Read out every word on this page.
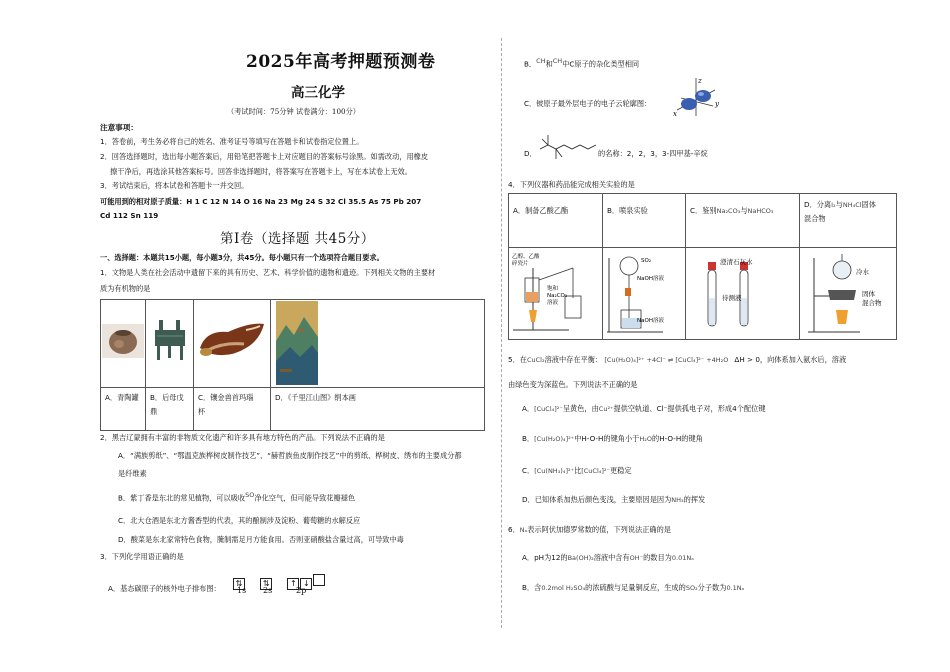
2025年高考押题预测卷
高三化学
（考试时间：75分钟 试卷满分：100分）
注意事项：
1．答卷前，考生务必将自己的姓名、准考证号等填写在答题卡和试卷指定位置上。
2．回答选择题时，选出每小题答案后，用铅笔把答题卡上对应题目的答案标号涂黑。如需改动，用橡皮
擦干净后，再选涂其他答案标号。回答非选择题时，将答案写在答题卡上，写在本试卷上无效。
3．考试结束后，将本试卷和答题卡一并交回。
可能用到的相对原子质量：H 1 C 12 N 14 O 16 Na 23 Mg 24 S 32 Cl 35.5 As 75 Pb 207
Cd 112 Sn 119
第Ⅰ卷（选择题 共45分）
一、选择题：本题共15小题，每小题3分，共45分。每小题只有一个选项符合题目要求。
1．文物是人类在社会活动中遗留下来的具有历史、艺术、科学价值的遗物和遗迹。下列相关文物的主要材
质为有机物的是

A．青陶罐	B．后母戊
鼎	C．镶金兽首玛瑙
杯	D．《千里江山图》绢本画
2．黑吉辽蒙拥有丰富的非物质文化遗产和许多具有地方特色的产品。下列说法不正确的是
A．“满族剪纸”、“鄂温克族桦树皮制作技艺”、“赫哲族鱼皮制作技艺”中的剪纸、桦树皮、绣布的主要成分都
是纤维素
B．紫丁香是东北的常见植物，可以吸收SO净化空气，但可能导致花瓣褪色
C．北大仓酒是东北方酱香型的代表，其的酿制涉及淀粉、葡萄糖的水解反应
D．酸菜是东北家常特色食物，腌制需足月方能食用。否则亚硝酸盐含量过高，可导致中毒
3．下列化学用语正确的是
A．基态碳原子的核外电子排布图：
⇅	⇅	↑ ↓
1s 2s	2p
B．CH和CH中C原子的杂化类型相同
C．铍原子最外层电子的电子云轮廓图：
z
y
x
D．	的名称：2，2，3，3-四甲基-辛烷
4．下列仪器和药品能完成相关实验的是
A．制备乙酸乙酯	B．喷泉实验	C．鉴别Na₂CO₃与NaHCO₃	D．分离I₂与NH₄Cl固体
混合物

乙醇、乙酸
碎瓷片
饱和
Na₂CO₃
溶液	SO₂
NaOH溶液
NaOH溶液	澄清石灰水
待测液	冷水
固体
混合物
5．在CuCl₂溶液中存在平衡： [Cu(H₂O)₄]²⁺ +4Cl⁻ ⇌ [CuCl₄]²⁻ +4H₂O ΔH > 0，向体系加入氨水后，溶液
由绿色变为深蓝色。下列说法不正确的是
A．[CuCl₄]²⁻呈黄色，由Cu²⁺提供空轨道、Cl⁻提供孤电子对，形成4个配位键
B．[Cu(H₂O)₄]²⁺中H-O-H的键角小于H₂O的H-O-H的键角
C．[Cu(NH₃)₄]²⁺比[CuCl₄]²⁻更稳定
D．已知体系加热后颜色变浅，主要原因是因为NH₃的挥发
6．Nₐ表示阿伏加德罗常数的值，下列说法正确的是
A．pH为12的Ba(OH)₂溶液中含有OH⁻的数目为0.01Nₐ
B．含0.2mol H₂SO₄的浓硫酸与足量铜反应，生成的SO₂分子数为0.1Nₐ
